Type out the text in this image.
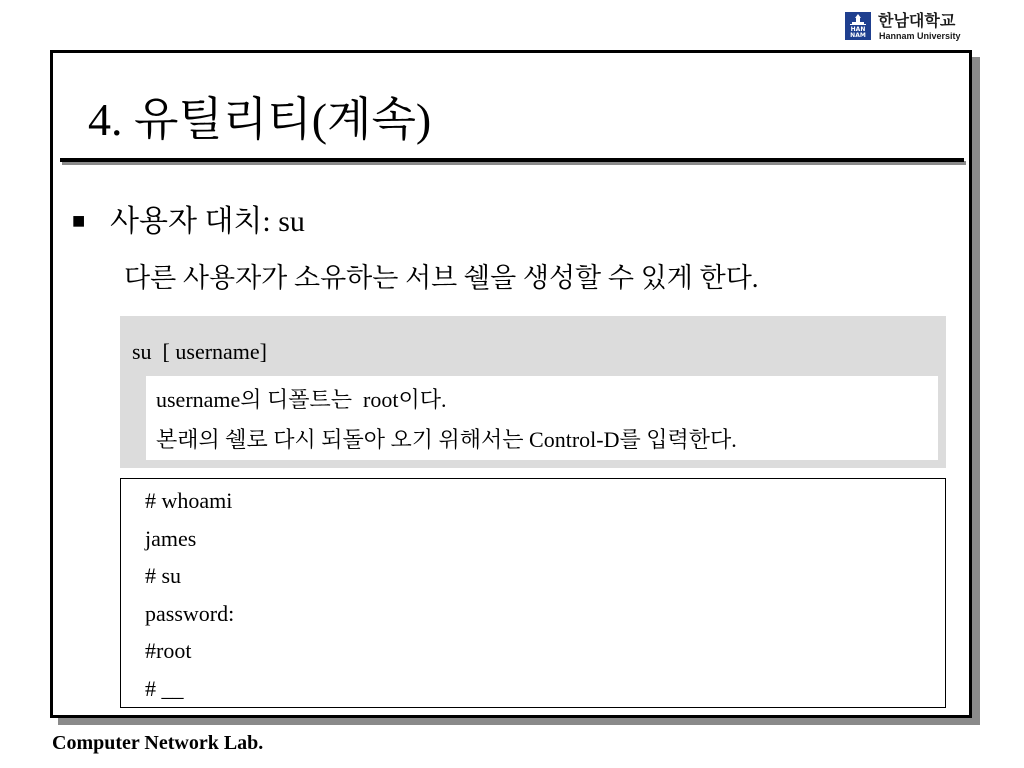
HAN
NAM
한남대학교
Hannam University
4. 유틸리티(계속)
■ 사용자 대치: su
다른 사용자가 소유하는 서브 쉘을 생성할 수 있게 한다.
su  [ username]
username의 디폴트는  root이다.
본래의 쉘로 다시 되돌아 오기 위해서는 Control-D를 입력한다.
# whoami
james
# su
password:
#root
# __
Computer Network Lab.
